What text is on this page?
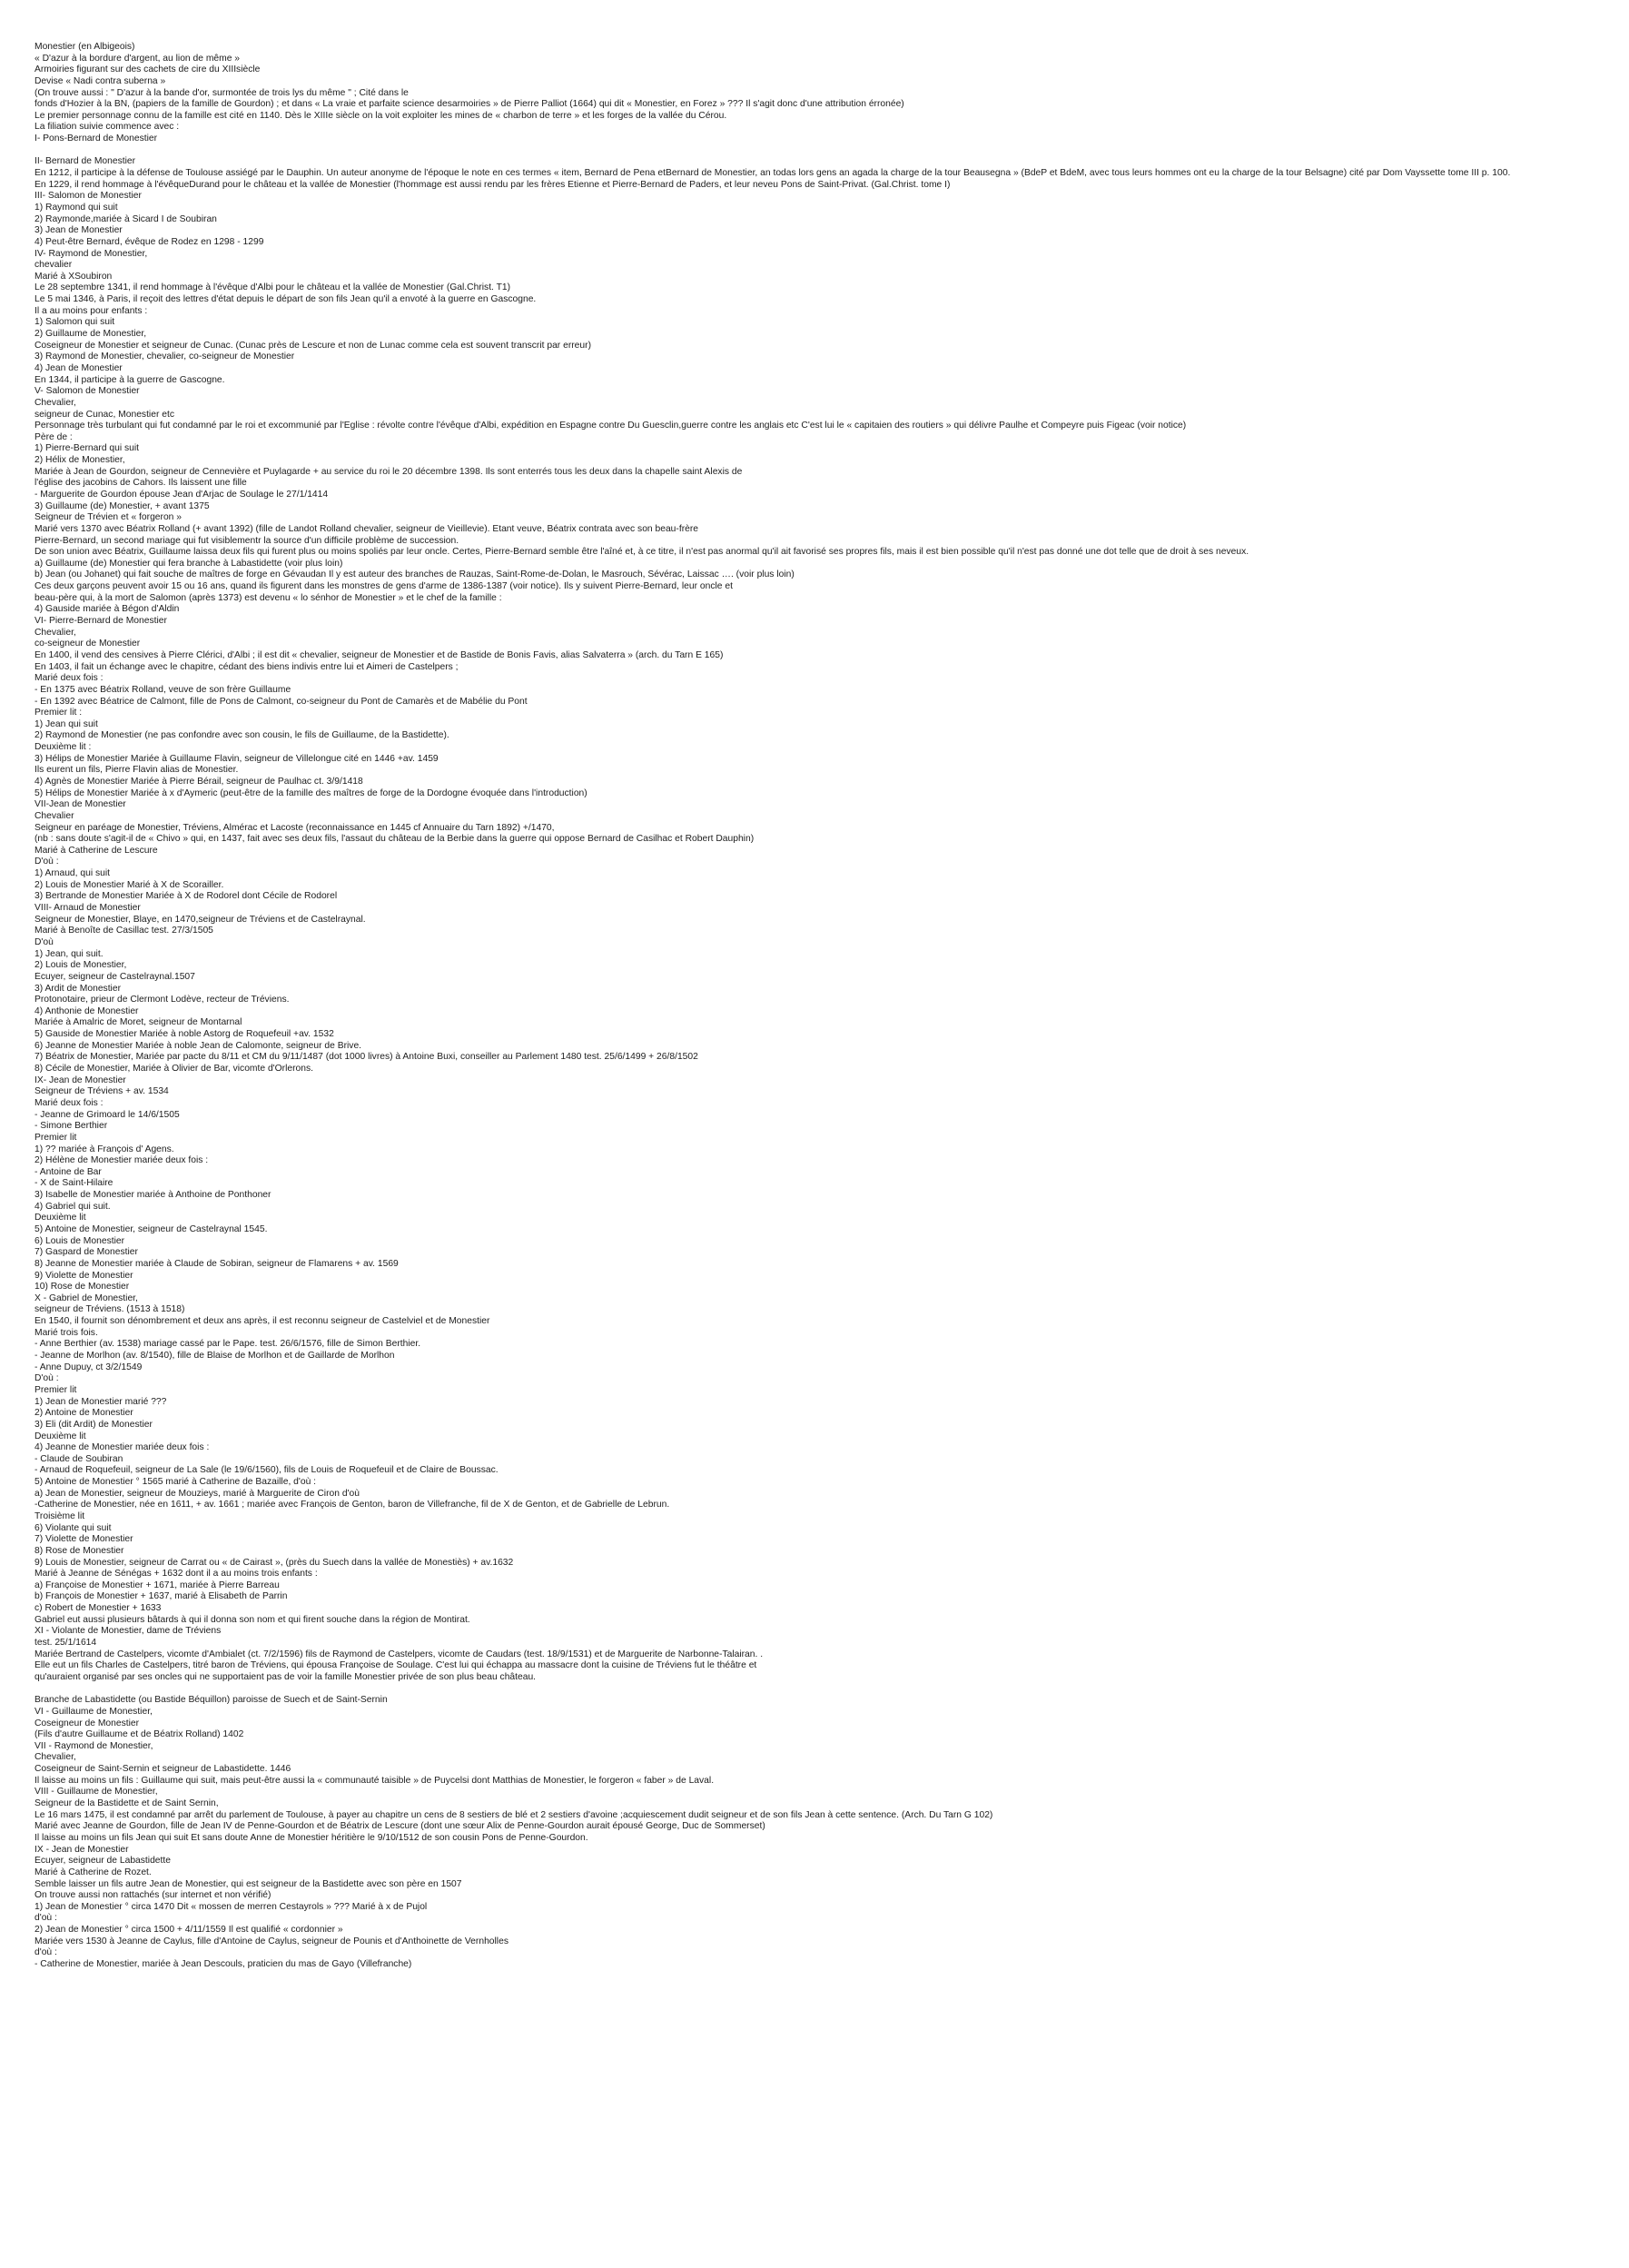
Monestier (en Albigeois)
« D'azur à la bordure d'argent, au lion de même »
Armoiries figurant sur des cachets de cire du XIIIsiècle
Devise « Nadi contra suberna »
(On trouve aussi : " D'azur à la bande d'or, surmontée de trois lys du même " ; Cité dans le
fonds d'Hozier à la BN, (papiers de la famille de Gourdon) ; et dans « La vraie et parfaite science desarmoiries » de Pierre Palliot (1664) qui dit « Monestier, en Forez » ??? Il s'agit donc d'une attribution érronée)
Le premier personnage connu de la famille est cité en 1140. Dès le XIIIe siècle on la voit exploiter les mines de « charbon de terre » et les forges de la vallée du Cérou.
La filiation suivie commence avec :
I- Pons-Bernard de Monestier

II- Bernard de Monestier
En 1212, il participe à la défense de Toulouse assiégé par le Dauphin. Un auteur anonyme de l'époque le note en ces termes « item, Bernard de Pena etBernard de Monestier, an todas lors gens an agada la charge de la tour Beausegna » (BdeP et BdeM, avec tous leurs hommes ont eu la charge de la tour Belsagne) cité par Dom Vayssette tome III p. 100.
En 1229, il rend hommage à l'évêqueDurand pour le château et la vallée de Monestier (l'hommage est aussi rendu par les frères Etienne et Pierre-Bernard de Paders, et leur neveu Pons de Saint-Privat. (Gal.Christ. tome I)
III- Salomon de Monestier
1) Raymond qui suit
2) Raymonde,mariée à Sicard I de Soubiran
3) Jean de Monestier
4) Peut-être Bernard, évêque de Rodez en 1298 - 1299
IV- Raymond de Monestier,
chevalier
Marié à XSoubiron
Le 28 septembre 1341, il rend hommage à l'évêque d'Albi pour le château et la vallée de Monestier (Gal.Christ. T1)
Le 5 mai 1346, à Paris, il reçoit des lettres d'état depuis le départ de son fils Jean qu'il a envoté à la guerre en Gascogne.
Il a au moins pour enfants :
1) Salomon qui suit
2) Guillaume de Monestier,
Coseigneur de Monestier et seigneur de Cunac. (Cunac près de Lescure et non de Lunac comme cela est souvent transcrit par erreur)
3) Raymond de Monestier, chevalier, co-seigneur de Monestier
4) Jean de Monestier
En 1344, il participe à la guerre de Gascogne.
V- Salomon de Monestier
Chevalier,
seigneur de Cunac, Monestier etc
Personnage très turbulant qui fut condamné par le roi et excommunié par l'Eglise : révolte contre l'évêque d'Albi, expédition en Espagne contre Du Guesclin,guerre contre les anglais etc C'est lui le « capitaien des routiers » qui délivre Paulhe et Compeyre puis Figeac (voir notice)
Père de :
1) Pierre-Bernard qui suit
2) Hélix de Monestier,
Mariée à Jean de Gourdon, seigneur de Cennevière et Puylagarde + au service du roi le 20 décembre 1398. Ils sont enterrés tous les deux dans la chapelle saint Alexis de
l'église des jacobins de Cahors. Ils laissent une fille
- Marguerite de Gourdon épouse Jean d'Arjac de Soulage le 27/1/1414
3) Guillaume (de) Monestier, + avant 1375
Seigneur de Trévien et « forgeron »
Marié vers 1370 avec Béatrix Rolland (+ avant 1392) (fille de Landot Rolland chevalier, seigneur de Vieillevie). Etant veuve, Béatrix contrata avec son beau-frère
Pierre-Bernard, un second mariage qui fut visiblementr la source d'un difficile problème de succession.
De son union avec Béatrix, Guillaume laissa deux fils qui furent plus ou moins spoliés par leur oncle. Certes, Pierre-Bernard semble être l'aîné et, à ce titre, il n'est pas anormal qu'il ait favorisé ses propres fils, mais il est bien possible qu'il n'est pas donné une dot telle que de droit à ses neveux.
a) Guillaume (de) Monestier qui fera branche à Labastidette (voir plus loin)
b) Jean (ou Johanet) qui fait souche de maîtres de forge en Gévaudan Il y est auteur des branches de Rauzas, Saint-Rome-de-Dolan, le Masrouch, Sévérac, Laissac …. (voir plus loin)
Ces deux garçons peuvent avoir 15 ou 16 ans, quand ils figurent dans les monstres de gens d'arme de 1386-1387 (voir notice). Ils y suivent Pierre-Bernard, leur oncle et
beau-père qui, à la mort de Salomon (après 1373) est devenu « lo sénhor de Monestier » et le chef de la famille :
4) Gauside mariée à Bégon d'Aldin
VI- Pierre-Bernard de Monestier
Chevalier,
co-seigneur de Monestier
En 1400, il vend des censives à Pierre Clérici, d'Albi ; il est dit « chevalier, seigneur de Monestier et de Bastide de Bonis Favis, alias Salvaterra » (arch. du Tarn E 165)
En 1403, il fait un échange avec le chapitre, cédant des biens indivis entre lui et Aimeri de Castelpers ;
Marié deux fois :
- En 1375 avec Béatrix Rolland, veuve de son frère Guillaume
- En 1392 avec Béatrice de Calmont, fille de Pons de Calmont, co-seigneur du Pont de Camarès et de Mabélie du Pont
Premier lit :
1) Jean qui suit
2) Raymond de Monestier (ne pas confondre avec son cousin, le fils de Guillaume, de la Bastidette).
Deuxième lit :
3) Hélips de Monestier Mariée à Guillaume Flavin, seigneur de Villelongue cité en 1446 +av. 1459
Ils eurent un fils, Pierre Flavin alias de Monestier.
4) Agnès de Monestier Mariée à Pierre Bérail, seigneur de Paulhac ct. 3/9/1418
5) Hélips de Monestier Mariée à x d'Aymeric (peut-être de la famille des maîtres de forge de la Dordogne évoquée dans l'introduction)
VII-Jean de Monestier
Chevalier
Seigneur en paréage de Monestier, Tréviens, Almérac et Lacoste (reconnaissance en 1445 cf Annuaire du Tarn 1892) +/1470,
(nb : sans doute s'agit-il de « Chivo » qui, en 1437, fait avec ses deux fils, l'assaut du château de la Berbie dans la guerre qui oppose Bernard de Casilhac et Robert Dauphin)
Marié à Catherine de Lescure
D'où :
1) Arnaud, qui suit
2) Louis de Monestier Marié à X de Scorailler.
3) Bertrande de Monestier Mariée à X de Rodorel dont Cécile de Rodorel
VIII- Arnaud de Monestier
Seigneur de Monestier, Blaye, en 1470,seigneur de Tréviens et de Castelraynal.
Marié à Benoîte de Casillac test. 27/3/1505
D'où
1) Jean, qui suit.
2) Louis de Monestier,
Écuyer, seigneur de Castelraynal.1507
3) Ardit de Monestier
Protonotaire, prieur de Clermont Lodève, recteur de Tréviens.
4) Anthonie de Monestier
Mariée à Amalric de Moret, seigneur de Montarnal
5) Gauside de Monestier Mariée à noble Astorg de Roquefeuil +av. 1532
6) Jeanne de Monestier Mariée à noble Jean de Calomonte, seigneur de Brive.
7) Béatrix de Monestier, Mariée par pacte du 8/11 et CM du 9/11/1487 (dot 1000 livres) à Antoine Buxi, conseiller au Parlement 1480 test. 25/6/1499 + 26/8/1502
8) Cécile de Monestier, Mariée à Olivier de Bar, vicomte d'Orlerons.
IX- Jean de Monestier
Seigneur de Tréviens + av. 1534
Marié deux fois :
- Jeanne de Grimoard le 14/6/1505
- Simone Berthier
Premier lit
1) ?? mariée à François d' Agens.
2) Hélène de Monestier mariée deux fois :
- Antoine de Bar
- X de Saint-Hilaire
3) Isabelle de Monestier mariée à Anthoine de Ponthoner
4) Gabriel qui suit.
Deuxième lit
5) Antoine de Monestier, seigneur de Castelraynal 1545.
6) Louis de Monestier
7) Gaspard de Monestier
8) Jeanne de Monestier mariée à Claude de Sobiran, seigneur de Flamarens + av. 1569
9) Violette de Monestier
10) Rose de Monestier
X - Gabriel de Monestier,
seigneur de Tréviens. (1513 à 1518)
En 1540, il fournit son dénombrement et deux ans après, il est reconnu seigneur de Castelviel et de Monestier
Marié trois fois.
- Anne Berthier (av. 1538) mariage cassé par le Pape. test. 26/6/1576, fille de Simon Berthier.
- Jeanne de Morlhon (av. 8/1540), fille de Blaise de Morlhon et de Gaillarde de Morlhon
- Anne Dupuy, ct 3/2/1549
D'où :
Premier lit
1) Jean de Monestier marié ???
2) Antoine de Monestier
3) Eli (dit Ardit) de Monestier
Deuxième lit
4) Jeanne de Monestier mariée deux fois :
- Claude de Soubiran
- Arnaud de Roquefeuil, seigneur de La Sale (le 19/6/1560), fils de Louis de Roquefeuil et de Claire de Boussac.
5) Antoine de Monestier ° 1565 marié à Catherine de Bazaille, d'où :
a) Jean de Monestier, seigneur de Mouzieys, marié à Marguerite de Ciron d'où
-Catherine de Monestier, née en 1611, + av. 1661 ; mariée avec François de Genton, baron de Villefranche, fil de X de Genton, et de Gabrielle de Lebrun.
Troisième lit
6) Violante qui suit
7) Violette de Monestier
8) Rose de Monestier
9) Louis de Monestier, seigneur de Carrat ou « de Cairast », (près du Suech dans la vallée de Monestiès) + av.1632
Marié à Jeanne de Sénégas + 1632 dont il a au moins trois enfants :
a) Françoise de Monestier + 1671, mariée à Pierre Barreau
b) François de Monestier + 1637, marié à Elisabeth de Parrin
c) Robert de Monestier + 1633
Gabriel eut aussi plusieurs bâtards à qui il donna son nom et qui firent souche dans la région de Montirat.
XI - Violante de Monestier, dame de Tréviens
test. 25/1/1614
Mariée Bertrand de Castelpers, vicomte d'Ambialet (ct. 7/2/1596) fils de Raymond de Castelpers, vicomte de Caudars (test. 18/9/1531) et de Marguerite de Narbonne-Talairan. .
Elle eut un fils Charles de Castelpers, titré baron de Tréviens, qui épousa Françoise de Soulage. C'est lui qui échappa au massacre dont la cuisine de Tréviens fut le théâtre et
qu'auraient organisé par ses oncles qui ne supportaient pas de voir la famille Monestier privée de son plus beau château.

Branche de Labastidette (ou Bastide Béquillon) paroisse de Suech et de Saint-Sernin
VI - Guillaume de Monestier,
Coseigneur de Monestier
(Fils d'autre Guillaume et de Béatrix Rolland) 1402
VII - Raymond de Monestier,
Chevalier,
Coseigneur de Saint-Sernin et seigneur de Labastidette. 1446
Il laisse au moins un fils : Guillaume qui suit, mais peut-être aussi la « communauté taisible » de Puycelsi dont Matthias de Monestier, le forgeron « faber » de Laval.
VIII - Guillaume de Monestier,
Seigneur de la Bastidette et de Saint Sernin,
Le 16 mars 1475, il est condamné par arrêt du parlement de Toulouse, à payer au chapitre un cens de 8 sestiers de blé et 2 sestiers d'avoine ;acquiescement dudit seigneur et de son fils Jean à cette sentence. (Arch. Du Tarn G 102)
Marié avec Jeanne de Gourdon, fille de Jean IV de Penne-Gourdon et de Béatrix de Lescure (dont une sœur Alix de Penne-Gourdon aurait épousé George, Duc de Sommerset)
Il laisse au moins un fils Jean qui suit Et sans doute Anne de Monestier héritière le 9/10/1512 de son cousin Pons de Penne-Gourdon.
IX - Jean de Monestier
Écuyer, seigneur de Labastidette
Marié à Catherine de Rozet.
Semble laisser un fils autre Jean de Monestier, qui est seigneur de la Bastidette avec son père en 1507
On trouve aussi non rattachés (sur internet et non vérifié)
1) Jean de Monestier ° circa 1470 Dit « mossen de merren Cestayrols » ??? Marié à x de Pujol
d'où :
2) Jean de Monestier ° circa 1500 + 4/11/1559 Il est qualifié « cordonnier »
Mariée vers 1530 à Jeanne de Caylus, fille d'Antoine de Caylus, seigneur de Pounis et d'Anthoinette de Vernholles
d'où :
- Catherine de Monestier, mariée à Jean Descouls, praticien du mas de Gayo (Villefranche)
